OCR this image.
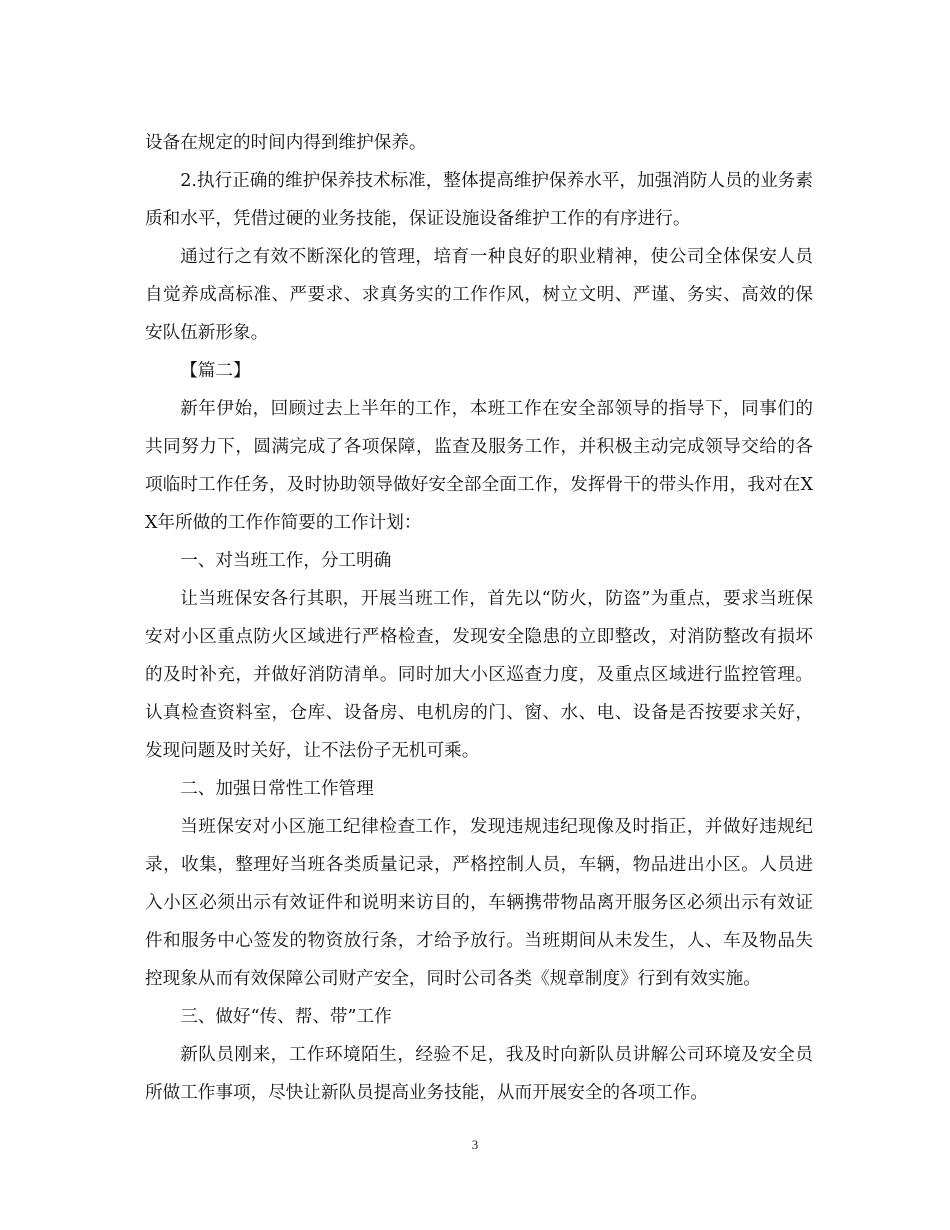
设备在规定的时间内得到维护保养。

2.执行正确的维护保养技术标准，整体提高维护保养水平，加强消防人员的业务素质和水平，凭借过硬的业务技能，保证设施设备维护工作的有序进行。

通过行之有效不断深化的管理，培育一种良好的职业精神，使公司全体保安人员自觉养成高标准、严要求、求真务实的工作作风，树立文明、严谨、务实、高效的保安队伍新形象。

【篇二】

新年伊始，回顾过去上半年的工作，本班工作在安全部领导的指导下，同事们的共同努力下，圆满完成了各项保障，监查及服务工作，并积极主动完成领导交给的各项临时工作任务，及时协助领导做好安全部全面工作，发挥骨干的带头作用，我对在XX年所做的工作作简要的工作计划：

一、对当班工作，分工明确

让当班保安各行其职，开展当班工作，首先以“防火，防盗”为重点，要求当班保安对小区重点防火区域进行严格检查，发现安全隐患的立即整改，对消防整改有损坏的及时补充，并做好消防清单。同时加大小区巡查力度，及重点区域进行监控管理。认真检查资料室，仓库、设备房、电机房的门、窗、水、电、设备是否按要求关好，发现问题及时关好，让不法份子无机可乘。

二、加强日常性工作管理

当班保安对小区施工纪律检查工作，发现违规违纪现像及时指正，并做好违规纪录，收集，整理好当班各类质量记录，严格控制人员，车辆，物品进出小区。人员进入小区必须出示有效证件和说明来访目的，车辆携带物品离开服务区必须出示有效证件和服务中心签发的物资放行条，才给予放行。当班期间从未发生，人、车及物品失控现象从而有效保障公司财产安全，同时公司各类《规章制度》行到有效实施。

三、做好“传、帮、带”工作

新队员刚来，工作环境陌生，经验不足，我及时向新队员讲解公司环境及安全员所做工作事项，尽快让新队员提高业务技能，从而开展安全的各项工作。

3
